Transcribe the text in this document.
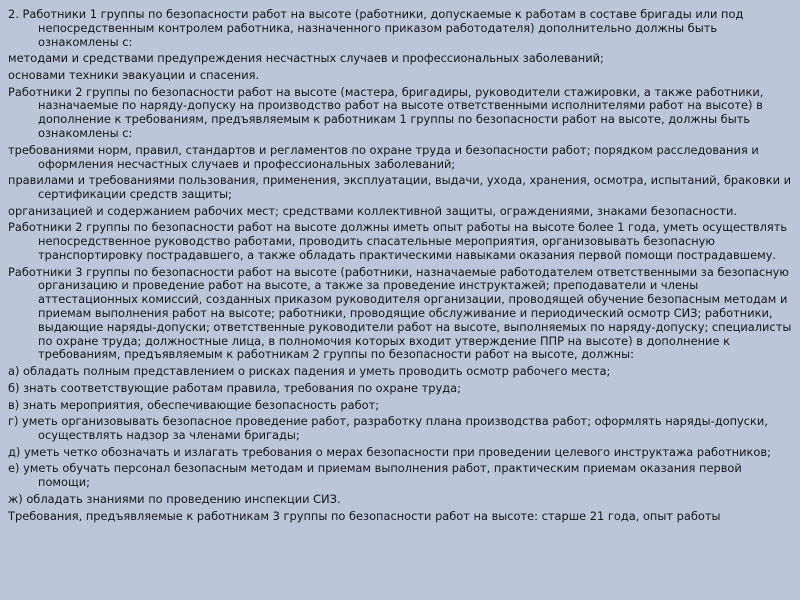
2. Работники 1 группы по безопасности работ на высоте (работники, допускаемые к работам в составе бригады или под непосредственным контролем работника, назначенного приказом работодателя) дополнительно должны быть ознакомлены с:

методами и средствами предупреждения несчастных случаев и профессиональных заболеваний;

основами техники эвакуации и спасения.

Работники 2 группы по безопасности работ на высоте (мастера, бригадиры, руководители стажировки, а также работники, назначаемые по наряду-допуску на производство работ на высоте ответственными исполнителями работ на высоте) в дополнение к требованиям, предъявляемым к работникам 1 группы по безопасности работ на высоте, должны быть ознакомлены с:

требованиями норм, правил, стандартов и регламентов по охране труда и безопасности работ; порядком расследования и оформления несчастных случаев и профессиональных заболеваний;

правилами и требованиями пользования, применения, эксплуатации, выдачи, ухода, хранения, осмотра, испытаний, браковки и сертификации средств защиты;

организацией и содержанием рабочих мест; средствами коллективной защиты, ограждениями, знаками безопасности.

Работники 2 группы по безопасности работ на высоте должны иметь опыт работы на высоте более 1 года, уметь осуществлять непосредственное руководство работами, проводить спасательные мероприятия, организовывать безопасную транспортировку пострадавшего, а также обладать практическими навыками оказания первой помощи пострадавшему.

Работники 3 группы по безопасности работ на высоте (работники, назначаемые работодателем ответственными за безопасную организацию и проведение работ на высоте, а также за проведение инструктажей; преподаватели и члены аттестационных комиссий, созданных приказом руководителя организации, проводящей обучение безопасным методам и приемам выполнения работ на высоте; работники, проводящие обслуживание и периодический осмотр СИЗ; работники, выдающие наряды-допуски; ответственные руководители работ на высоте, выполняемых по наряду-допуску; специалисты по охране труда; должностные лица, в полномочия которых входит утверждение ППР на высоте) в дополнение к требованиям, предъявляемым к работникам 2 группы по безопасности работ на высоте, должны:

а) обладать полным представлением о рисках падения и уметь проводить осмотр рабочего места;

б) знать соответствующие работам правила, требования по охране труда;

в) знать мероприятия, обеспечивающие безопасность работ;

г) уметь организовывать безопасное проведение работ, разработку плана производства работ; оформлять наряды-допуски, осуществлять надзор за членами бригады;

д) уметь четко обозначать и излагать требования о мерах безопасности при проведении целевого инструктажа работников;

е) уметь обучать персонал безопасным методам и приемам выполнения работ, практическим приемам оказания первой помощи;

ж) обладать знаниями по проведению инспекции СИЗ.

Требования, предъявляемые к работникам 3 группы по безопасности работ на высоте: старше 21 года, опыт работы
